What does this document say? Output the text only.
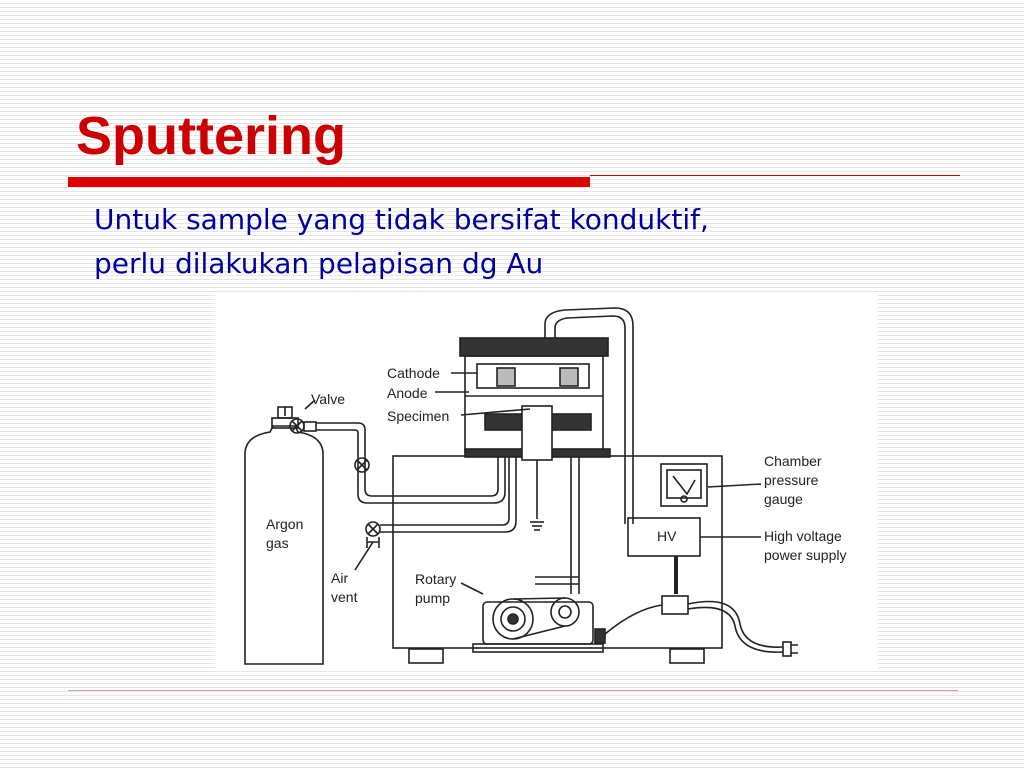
Sputtering
Untuk sample yang tidak bersifat konduktif,
perlu dilakukan pelapisan dg Au
Cathode
Anode
Specimen
Valve
Argon
gas
Air
vent
Rotary
pump
HV
Chamber
pressure
gauge
High voltage
power supply
